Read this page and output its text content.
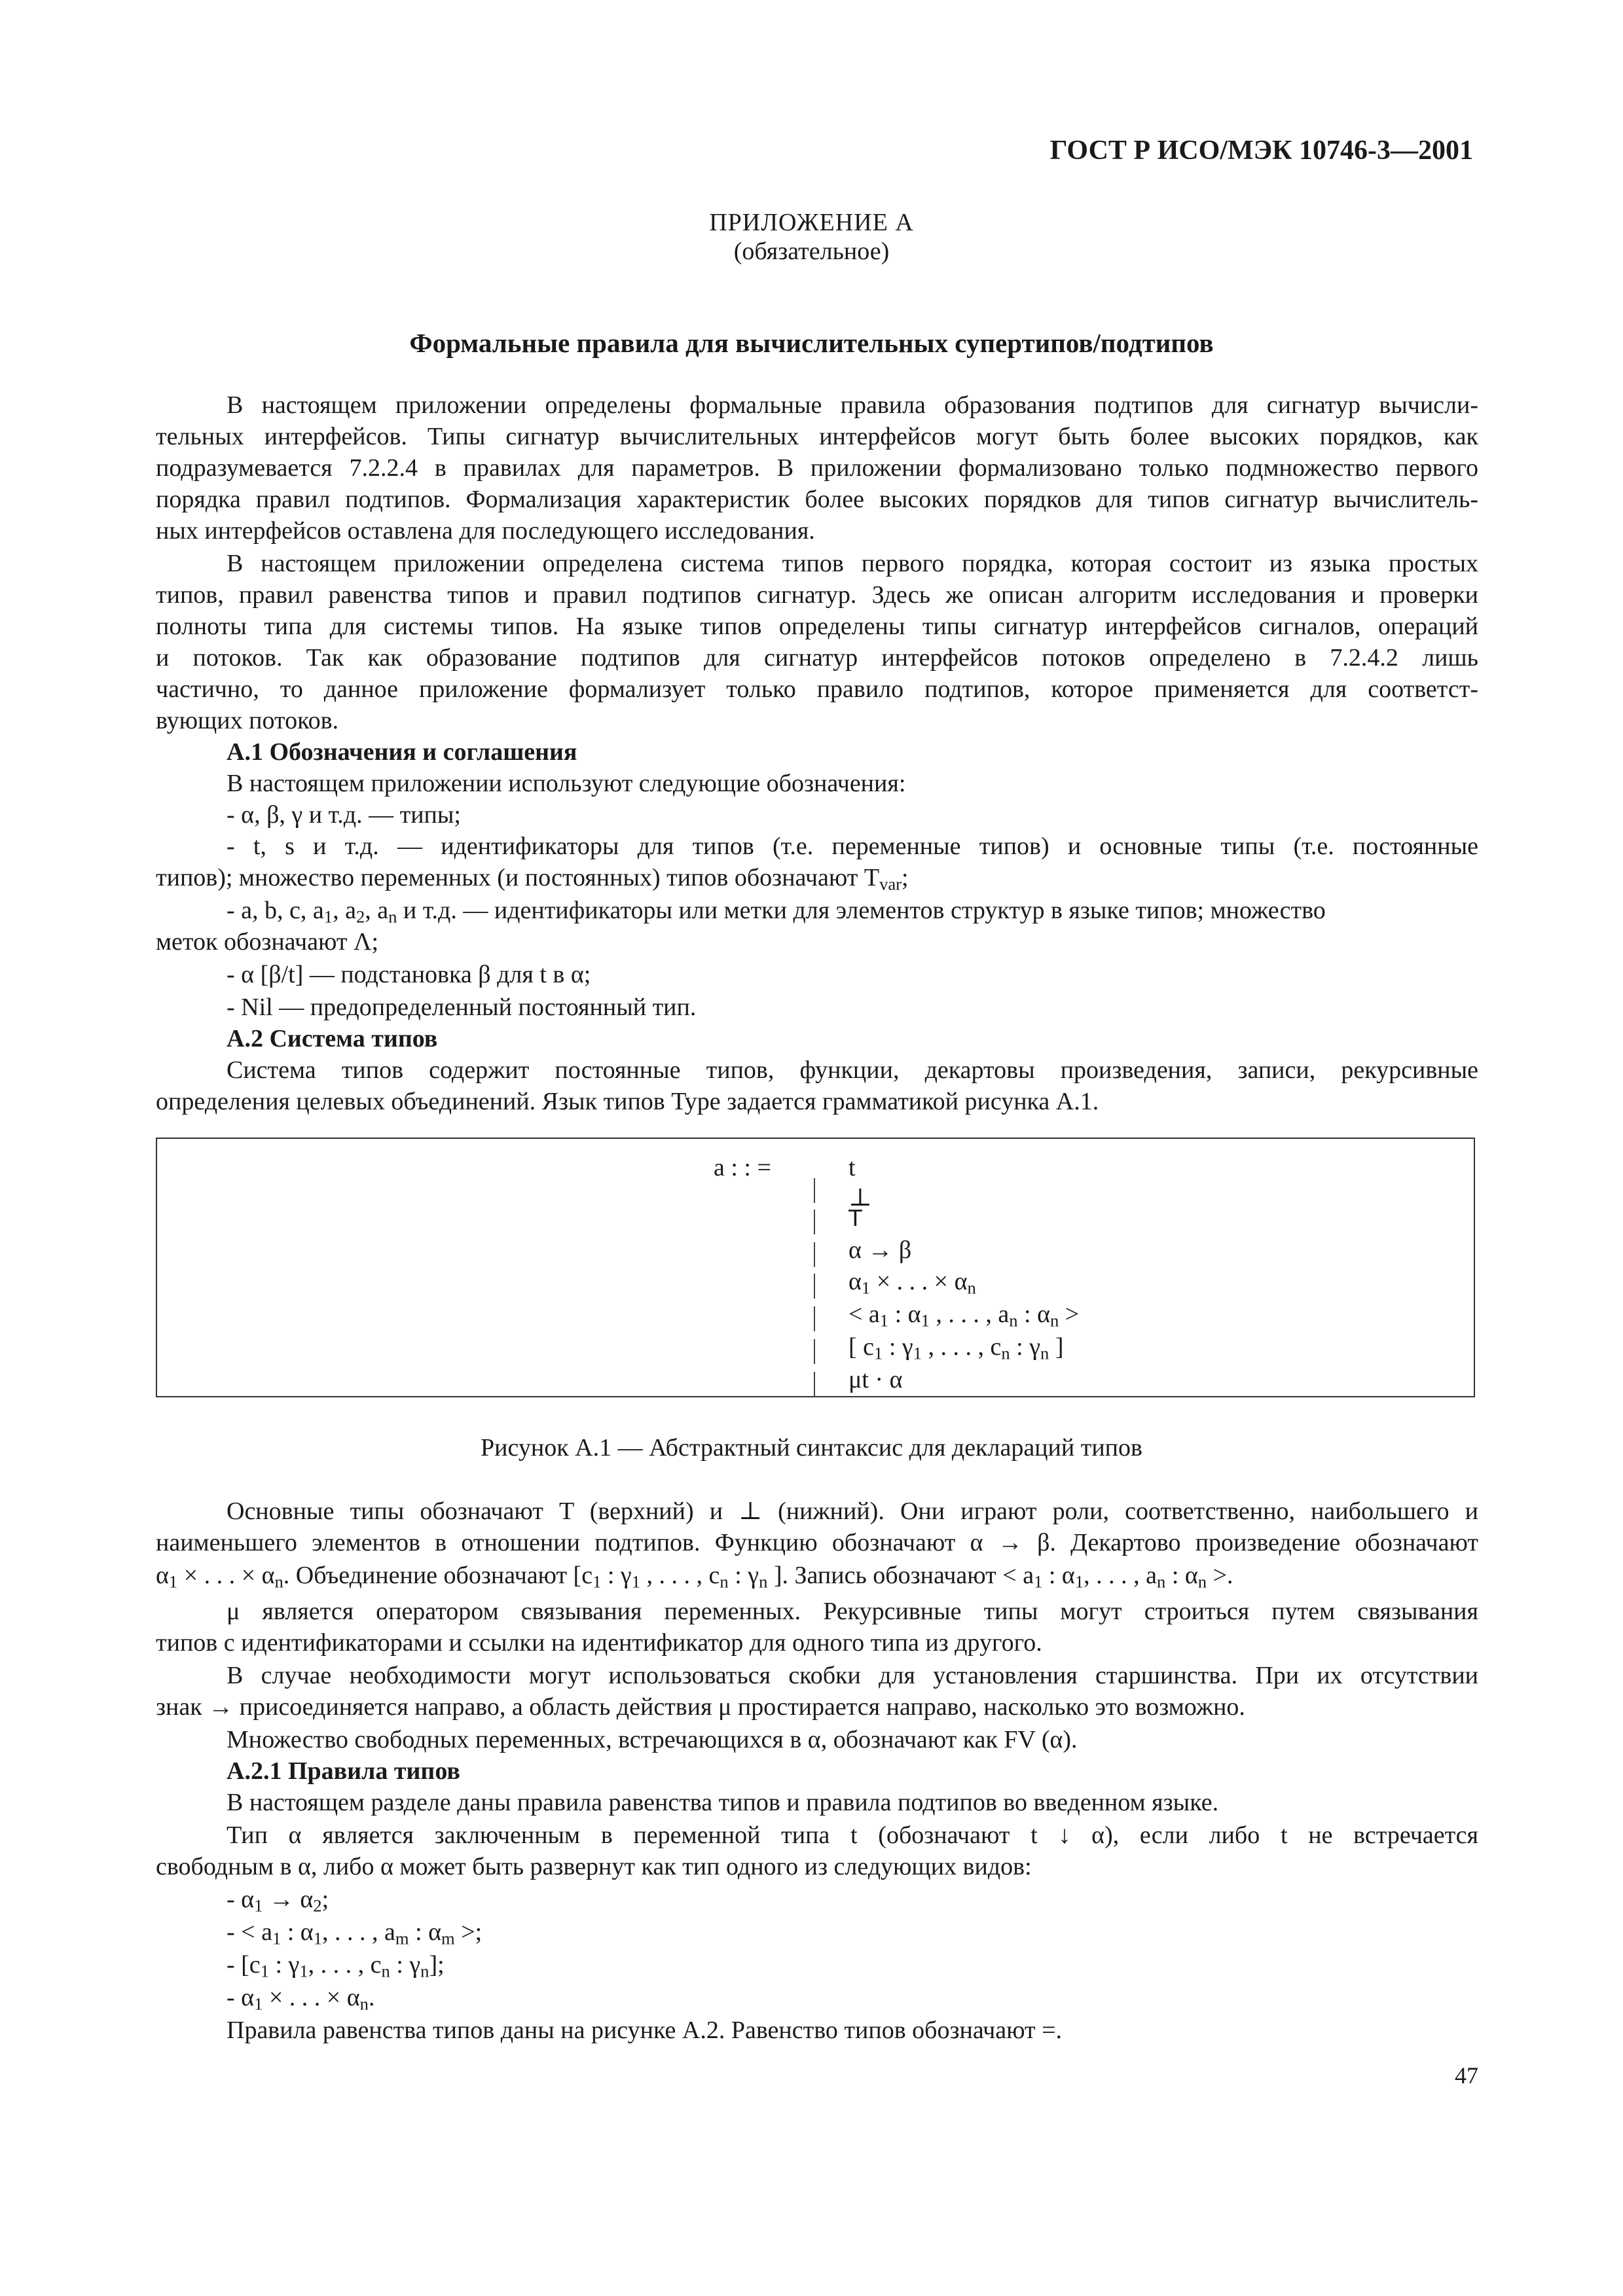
ГОСТ Р ИСО/МЭК 10746-3—2001
ПРИЛОЖЕНИЕ А
(обязательное)
Формальные правила для вычислительных супертипов/подтипов
В настоящем приложении определены формальные правила образования подтипов для сигнатур вычисли-
тельных интерфейсов. Типы сигнатур вычислительных интерфейсов могут быть более высоких порядков, как
подразумевается 7.2.2.4 в правилах для параметров. В приложении формализовано только подмножество первого
порядка правил подтипов. Формализация характеристик более высоких порядков для типов сигнатур вычислитель-
ных интерфейсов оставлена для последующего исследования.
В настоящем приложении определена система типов первого порядка, которая состоит из языка простых
типов, правил равенства типов и правил подтипов сигнатур. Здесь же описан алгоритм исследования и проверки
полноты типа для системы типов. На языке типов определены типы сигнатур интерфейсов сигналов, операций
и потоков. Так как образование подтипов для сигнатур интерфейсов потоков определено в 7.2.4.2 лишь
частично, то данное приложение формализует только правило подтипов, которое применяется для соответст-
вующих потоков.
А.1 Обозначения и соглашения
В настоящем приложении используют следующие обозначения:
- α, β, γ и т.д. — типы;
- t, s и т.д. — идентификаторы для типов (т.е. переменные типов) и основные типы (т.е. постоянные
типов); множество переменных (и постоянных) типов обозначают $T_{var}$;
- a, b, c, $a_1$, $a_2$, $a_n$ и т.д. — идентификаторы или метки для элементов структур в языке типов; множество
меток обозначают Λ;
- α [β/t] — подстановка β для t в α;
- Nil — предопределенный постоянный тип.
А.2 Система типов
Система типов содержит постоянные типов, функции, декартовы произведения, записи, рекурсивные
определения целевых объединений. Язык типов Type задается грамматикой рисунка А.1.
a : : =	t
⊥
T
α → β
$\alpha_1$ × . . . × $\alpha_n$
< $a_1$ : $\alpha_1$ , . . . , $a_n$ : $\alpha_n$ >
[ $c_1$ : $\gamma_1$ , . . . , $c_n$ : $\gamma_n$ ]
μt · α
Рисунок А.1 — Абстрактный синтаксис для деклараций типов
Основные типы обозначают T (верхний) и ⊥ (нижний). Они играют роли, соответственно, наибольшего и
наименьшего элементов в отношении подтипов. Функцию обозначают α → β. Декартово произведение обозначают
$\alpha_1$ × . . . × $\alpha_n$. Объединение обозначают [$c_1$ : $\gamma_1$ , . . . , $c_n$ : $\gamma_n$ ]. Запись обозначают < $a_1$ : $\alpha_1$, . . . , $a_n$ : $\alpha_n$ >.
μ является оператором связывания переменных. Рекурсивные типы могут строиться путем связывания
типов с идентификаторами и ссылки на идентификатор для одного типа из другого.
В случае необходимости могут использоваться скобки для установления старшинства. При их отсутствии
знак → присоединяется направо, а область действия μ простирается направо, насколько это возможно.
Множество свободных переменных, встречающихся в α, обозначают как FV (α).
А.2.1 Правила типов
В настоящем разделе даны правила равенства типов и правила подтипов во введенном языке.
Тип α является заключенным в переменной типа t (обозначают t ↓ α), если либо t не встречается
свободным в α, либо α может быть развернут как тип одного из следующих видов:
- $\alpha_1 \to \alpha_2$;
- < $a_1$ : $\alpha_1$, . . . , $a_m$ : $\alpha_m$ >;
- [$c_1$ : $\gamma_1$, . . . , $c_n$ : $\gamma_n$];
- $\alpha_1$ × . . . × $\alpha_n$.
Правила равенства типов даны на рисунке А.2. Равенство типов обозначают =.
47
